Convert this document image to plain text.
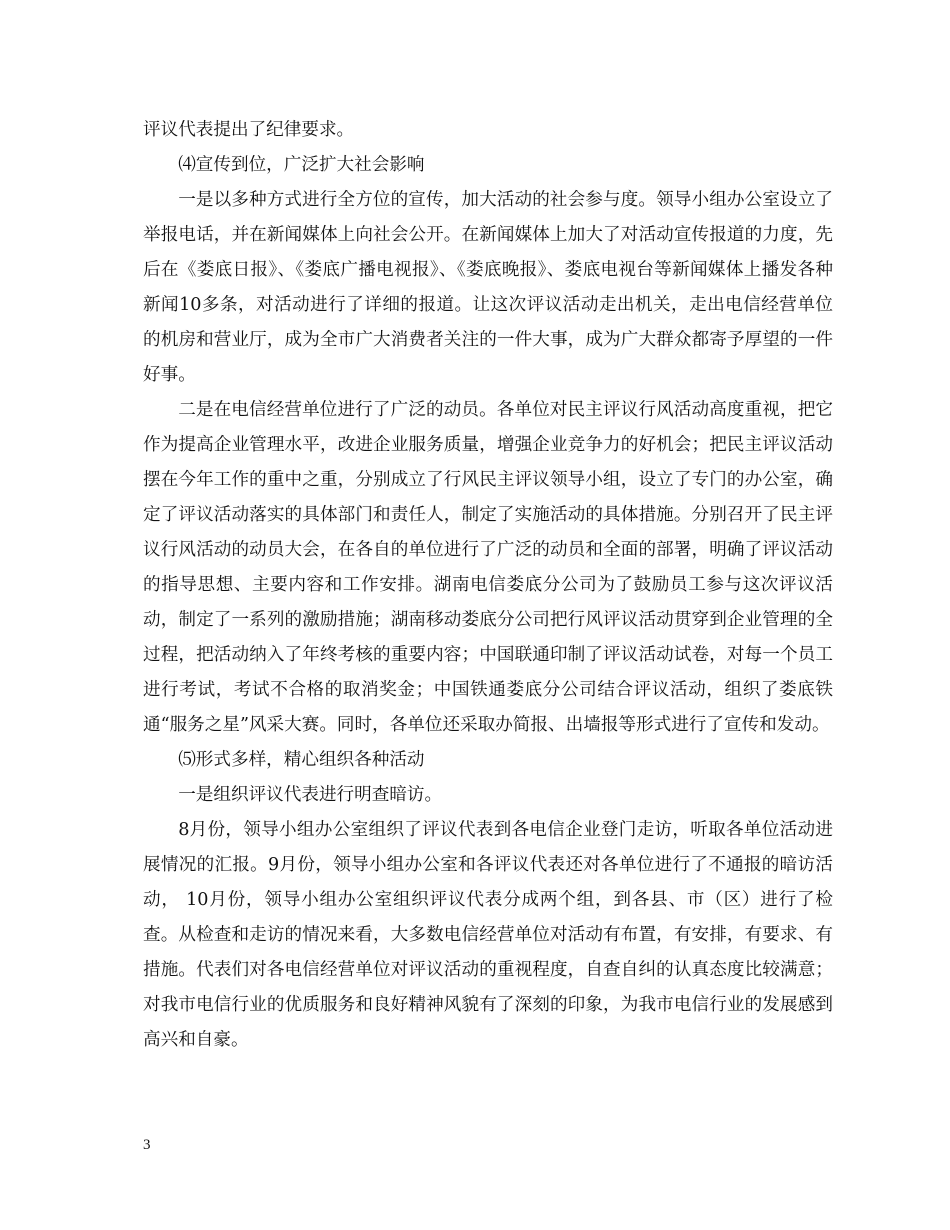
评议代表提出了纪律要求。

⑷宣传到位，广泛扩大社会影响

一是以多种方式进行全方位的宣传，加大活动的社会参与度。领导小组办公室设立了举报电话，并在新闻媒体上向社会公开。在新闻媒体上加大了对活动宣传报道的力度，先后在《娄底日报》、《娄底广播电视报》、《娄底晚报》、娄底电视台等新闻媒体上播发各种新闻10多条，对活动进行了详细的报道。让这次评议活动走出机关，走出电信经营单位的机房和营业厅，成为全市广大消费者关注的一件大事，成为广大群众都寄予厚望的一件好事。

二是在电信经营单位进行了广泛的动员。各单位对民主评议行风活动高度重视，把它作为提高企业管理水平，改进企业服务质量，增强企业竞争力的好机会；把民主评议活动摆在今年工作的重中之重，分别成立了行风民主评议领导小组，设立了专门的办公室，确定了评议活动落实的具体部门和责任人，制定了实施活动的具体措施。分别召开了民主评议行风活动的动员大会，在各自的单位进行了广泛的动员和全面的部署，明确了评议活动的指导思想、主要内容和工作安排。湖南电信娄底分公司为了鼓励员工参与这次评议活动，制定了一系列的激励措施；湖南移动娄底分公司把行风评议活动贯穿到企业管理的全过程，把活动纳入了年终考核的重要内容；中国联通印制了评议活动试卷，对每一个员工进行考试，考试不合格的取消奖金；中国铁通娄底分公司结合评议活动，组织了娄底铁通“服务之星”风采大赛。同时，各单位还采取办简报、出墙报等形式进行了宣传和发动。

⑸形式多样，精心组织各种活动

一是组织评议代表进行明查暗访。

8月份，领导小组办公室组织了评议代表到各电信企业登门走访，听取各单位活动进展情况的汇报。9月份，领导小组办公室和各评议代表还对各单位进行了不通报的暗访活动， 10月份，领导小组办公室组织评议代表分成两个组，到各县、市（区）进行了检查。从检查和走访的情况来看，大多数电信经营单位对活动有布置，有安排，有要求、有措施。代表们对各电信经营单位对评议活动的重视程度，自查自纠的认真态度比较满意；对我市电信行业的优质服务和良好精神风貌有了深刻的印象，为我市电信行业的发展感到高兴和自豪。

3
